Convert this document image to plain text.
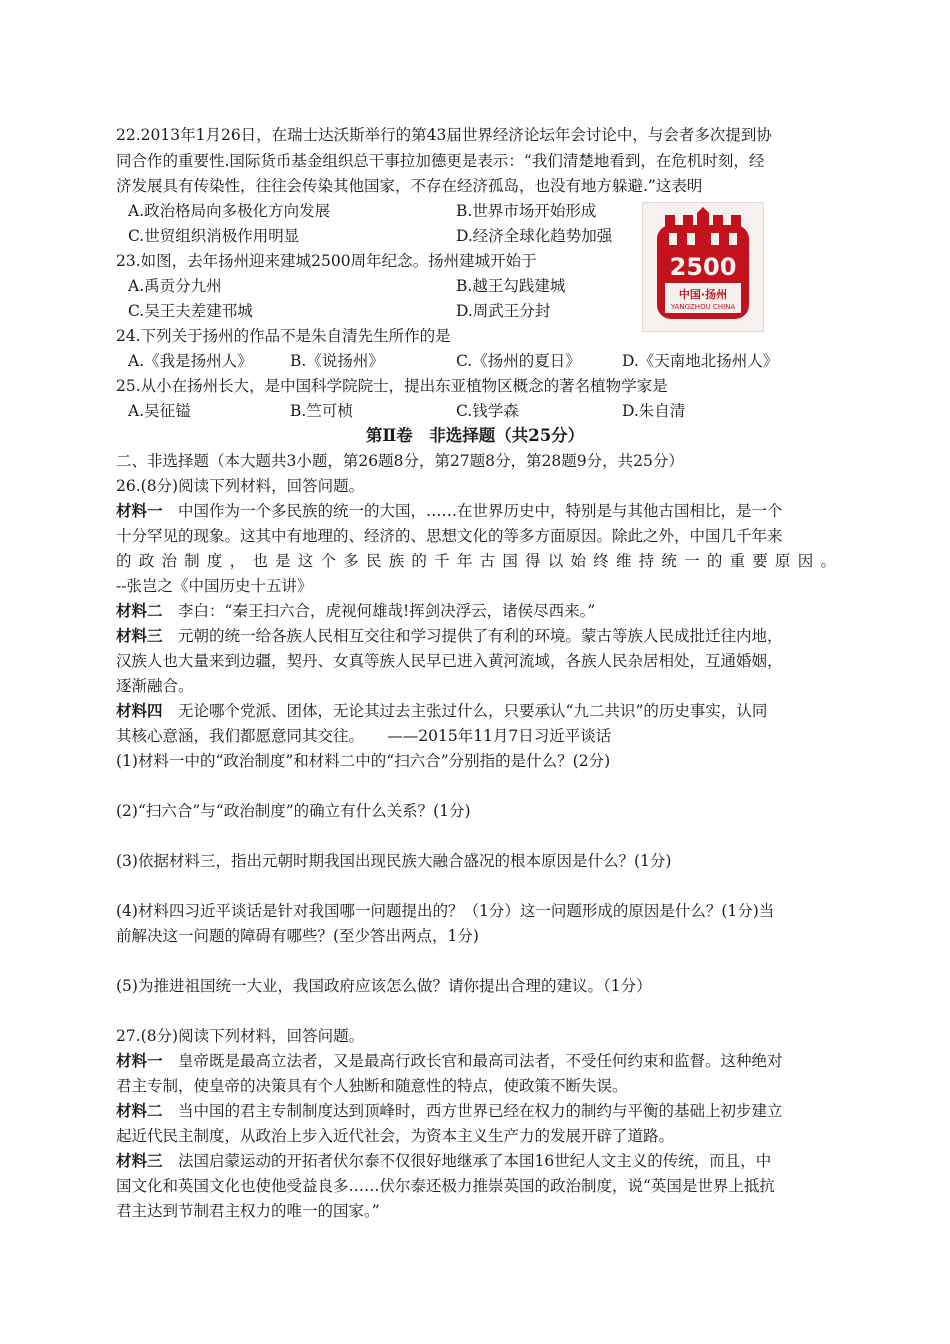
22.2013年1月26日，在瑞士达沃斯举行的第43届世界经济论坛年会讨论中，与会者多次提到协
同合作的重要性.国际货币基金组织总干事拉加德更是表示：“我们清楚地看到，在危机时刻，经
济发展具有传染性，往往会传染其他国家，不存在经济孤岛，也没有地方躲避.”这表明
A.政治格局向多极化方向发展	B.世界市场开始形成
C.世贸组织消极作用明显	D.经济全球化趋势加强
23.如图，去年扬州迎来建城2500周年纪念。扬州建城开始于
A.禹贡分九州	B.越王勾践建城
C.吴王夫差建邗城	D.周武王分封
2500
中国·扬州
YANGZHOU CHINA
24.下列关于扬州的作品不是朱自清先生所作的是
A.《我是扬州人》 B.《说扬州》	C.《扬州的夏日》	D.《天南地北扬州人》
25.从小在扬州长大，是中国科学院院士，提出东亚植物区概念的著名植物学家是
A.吴征镒	B.竺可桢	C.钱学森	D.朱自清
第Ⅱ卷　非选择题（共25分）
二、非选择题（本大题共3小题，第26题8分，第27题8分，第28题9分，共25分）
26.(8分)阅读下列材料，回答问题。
材料一　中国作为一个多民族的统一的大国，……在世界历史中，特别是与其他古国相比，是一个
十分罕见的现象。这其中有地理的、经济的、思想文化的等多方面原因。除此之外，中国几千年来
的政治制度，也是这个多民族的千年古国得以始终维持统一的重要原因。
--张岂之《中国历史十五讲》
材料二　李白：“秦王扫六合，虎视何雄哉!挥剑决浮云，诸侯尽西来。”
材料三　元朝的统一给各族人民相互交往和学习提供了有利的环境。蒙古等族人民成批迁往内地，
汉族人也大量来到边疆，契丹、女真等族人民早已进入黄河流域，各族人民杂居相处，互通婚姻，
逐渐融合。
材料四　无论哪个党派、团体，无论其过去主张过什么，只要承认“九二共识”的历史事实，认同
其核心意涵，我们都愿意同其交往。　　——2015年11月7日习近平谈话
(1)材料一中的“政治制度”和材料二中的“扫六合”分别指的是什么？(2分)
(2)“扫六合”与“政治制度”的确立有什么关系？(1分)
(3)依据材料三，指出元朝时期我国出现民族大融合盛况的根本原因是什么？(1分)
(4)材料四习近平谈话是针对我国哪一问题提出的？（1分）这一问题形成的原因是什么？(1分)当
前解决这一问题的障碍有哪些？(至少答出两点，1分)
(5)为推进祖国统一大业，我国政府应该怎么做？请你提出合理的建议。（1分）
27.(8分)阅读下列材料，回答问题。
材料一　皇帝既是最高立法者，又是最高行政长官和最高司法者，不受任何约束和监督。这种绝对
君主专制，使皇帝的决策具有个人独断和随意性的特点，使政策不断失误。
材料二　当中国的君主专制制度达到顶峰时，西方世界已经在权力的制约与平衡的基础上初步建立
起近代民主制度，从政治上步入近代社会，为资本主义生产力的发展开辟了道路。
材料三　法国启蒙运动的开拓者伏尔泰不仅很好地继承了本国16世纪人文主义的传统，而且，中
国文化和英国文化也使他受益良多……伏尔泰还极力推崇英国的政治制度，说“英国是世界上抵抗
君主达到节制君主权力的唯一的国家。”
